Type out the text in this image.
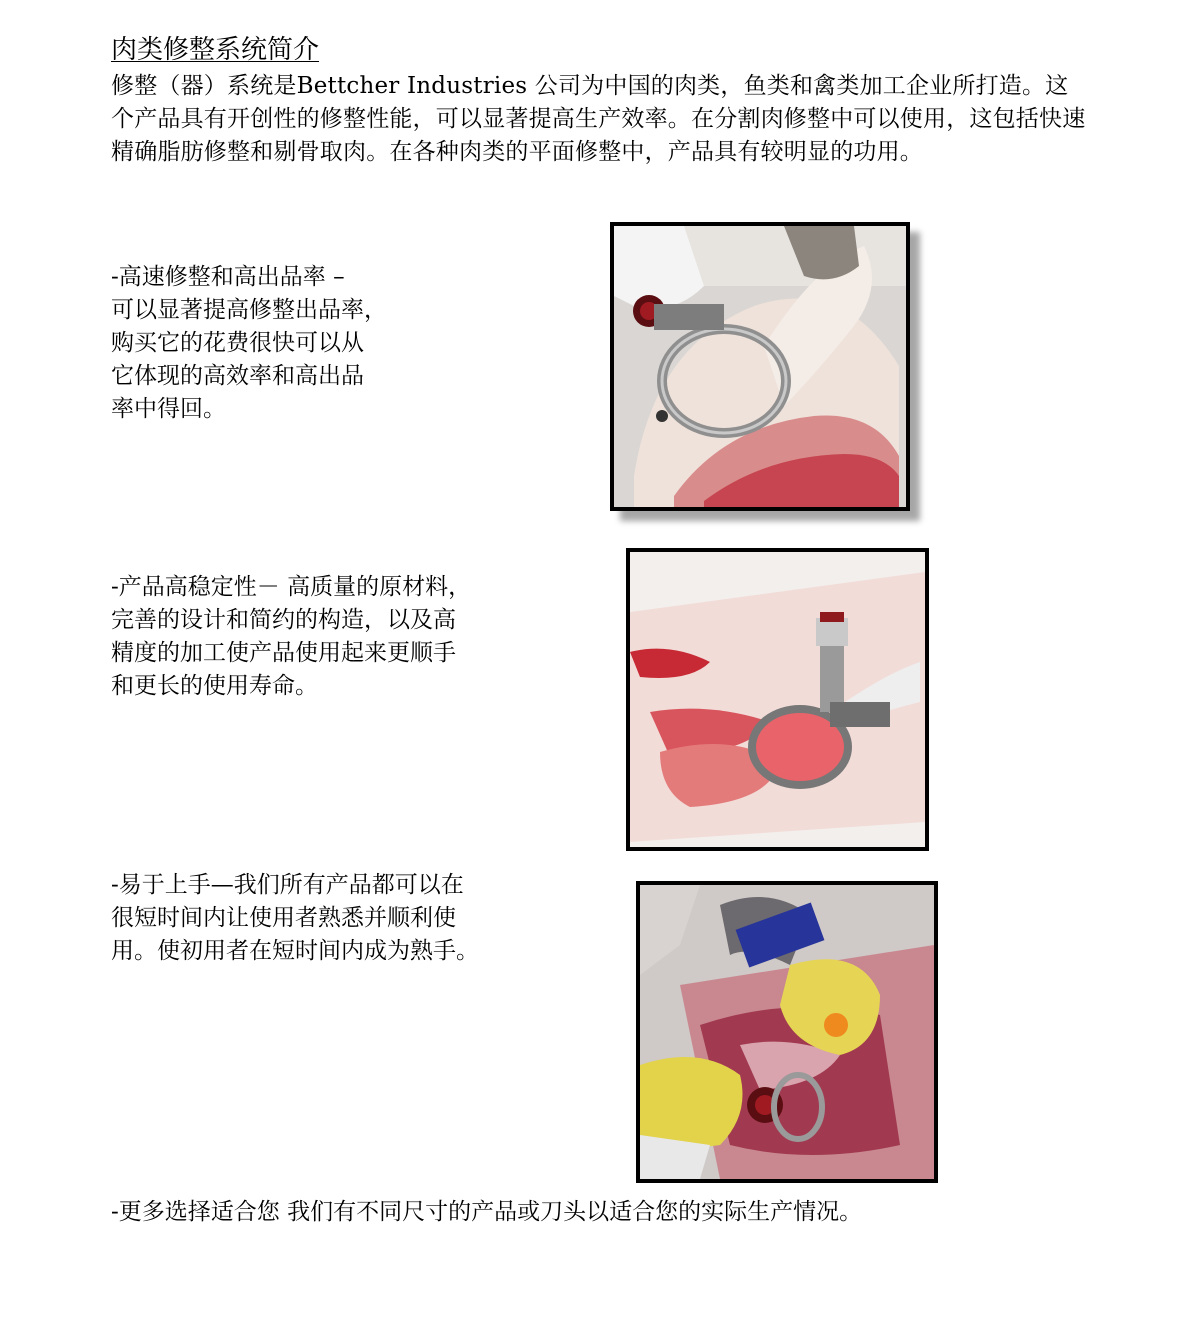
肉类修整系统简介
修整（器）系统是Bettcher Industries 公司为中国的肉类，鱼类和禽类加工企业所打造。这个产品具有开创性的修整性能，可以显著提高生产效率。在分割肉修整中可以使用，这包括快速精确脂肪修整和剔骨取肉。在各种肉类的平面修整中，产品具有较明显的功用。
-高速修整和高出品率 –
可以显著提高修整出品率，
购买它的花费很快可以从
它体现的高效率和高出品
率中得回。
-产品高稳定性－ 高质量的原材料，
完善的设计和简约的构造，以及高
精度的加工使产品使用起来更顺手
和更长的使用寿命。
-易于上手—我们所有产品都可以在
很短时间内让使用者熟悉并顺利使
用。使初用者在短时间内成为熟手。
-更多选择适合您 我们有不同尺寸的产品或刀头以适合您的实际生产情况。
